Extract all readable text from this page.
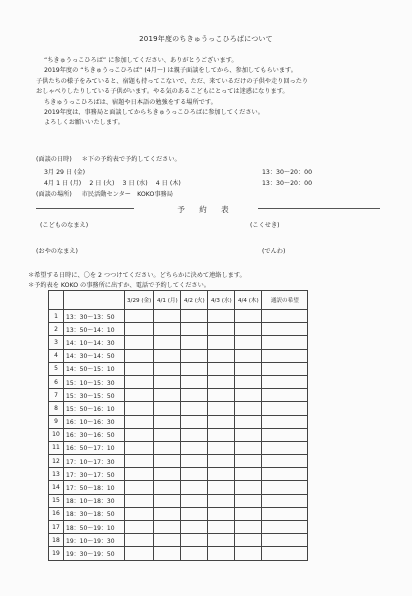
2019年度のちきゅうっこひろばについて
“ちきゅうっこひろば” に参加してください、ありがとうございます。
2019年度の “ちきゅうっこひろば” (4月〜) は親子面談をしてから、参加してもらいます。
子供たちの様子をみていると、宿題も持ってこないで、ただ、来ているだけの子供や走り回ったり
おしゃべりしたりしている子供がいます。やる気のあるこどもにとっては迷惑になります。
ちきゅうっこひろばは、宿題や日本語の勉強をする場所です。
2019年度は、事務局と面談してからちきゅうっこひろばに参加してください。
よろしくお願いいたします。
(面談の日時) ＊下の予約表で予約してください。
3月 29 日 (金)	13：30〜20：00
4月 1 日 (月)　 2 日 (火)　 3 日 (水)　 4 日 (木)	13：30〜20：00
(面談の場所) 市民活動センター　KOKO事務局
予 約 表
(こどものなまえ)	(こくせき)
(おやのなまえ)	(でんわ)
＊希望する日時に、〇を 2 つつけてください。どちらかに決めて連絡します。
＊予約表を KOKO の事務所に出すか、電話で予約してください。
		3/29 (金)	4/1 (月)	4/2 (火)	4/3 (水)	4/4 (木)	通訳の希望
1	13：30〜13：50						
2	13：50〜14：10						
3	14：10〜14：30						
4	14：30〜14：50						
5	14：50〜15：10						
6	15：10〜15：30						
7	15：30〜15：50						
8	15：50〜16：10						
9	16：10〜16：30						
10	16：30〜16：50						
11	16：50〜17：10						
12	17：10〜17：30						
13	17：30〜17：50						
14	17：50〜18：10						
15	18：10〜18：30						
16	18：30〜18：50						
17	18：50〜19：10						
18	19：10〜19：30						
19	19：30〜19：50						
